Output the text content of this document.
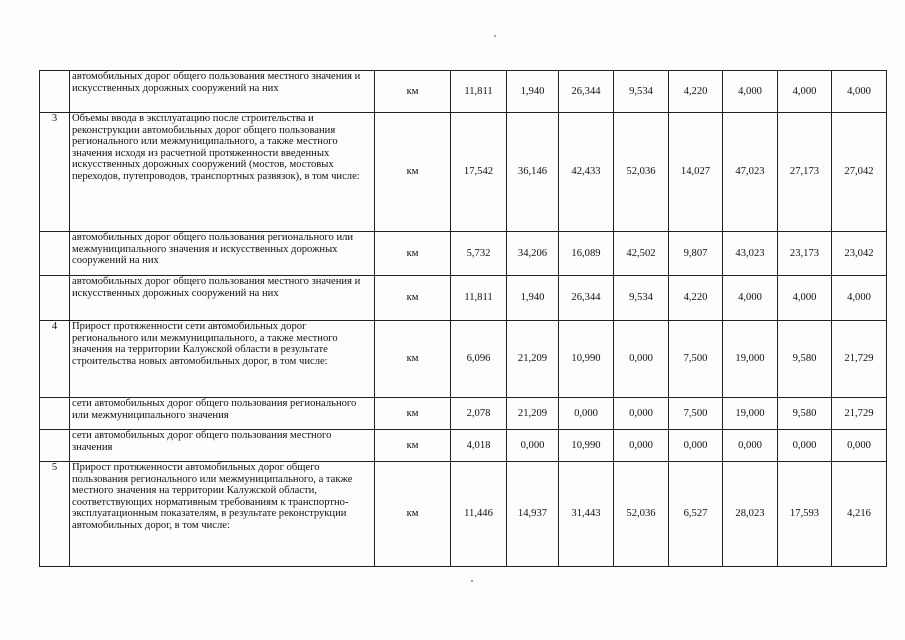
	автомобильных дорог общего пользования местного значения и искусственных дорожных сооружений на них	км	11,811	1,940	26,344	9,534	4,220	4,000	4,000	4,000
3	Объемы ввода в эксплуатацию после строительства и реконструкции автомобильных дорог общего пользования регионального или межмуниципального, а также местного значения исходя из расчетной протяженности введенных искусственных дорожных сооружений (мостов, мостовых переходов, путепроводов, транспортных развязок), в том числе:	км	17,542	36,146	42,433	52,036	14,027	47,023	27,173	27,042
	автомобильных дорог общего пользования регионального или межмуниципального значения и искусственных дорожных сооружений на них	км	5,732	34,206	16,089	42,502	9,807	43,023	23,173	23,042
	автомобильных дорог общего пользования местного значения и искусственных дорожных сооружений на них	км	11,811	1,940	26,344	9,534	4,220	4,000	4,000	4,000
4	Прирост протяженности сети автомобильных дорог регионального или межмуниципального, а также местного значения на территории Калужской области в результате строительства новых автомобильных дорог, в том числе:	км	6,096	21,209	10,990	0,000	7,500	19,000	9,580	21,729
	сети автомобильных дорог общего пользования регионального или межмуниципального значения	км	2,078	21,209	0,000	0,000	7,500	19,000	9,580	21,729
	сети автомобильных дорог общего пользования местного значения	км	4,018	0,000	10,990	0,000	0,000	0,000	0,000	0,000
5	Прирост протяженности автомобильных дорог общего пользования регионального или межмуниципального, а также местного значения на территории Калужской области, соответствующих нормативным требованиям к транспортно-эксплуатационным показателям, в результате реконструкции автомобильных дорог, в том числе:	км	11,446	14,937	31,443	52,036	6,527	28,023	17,593	4,216
